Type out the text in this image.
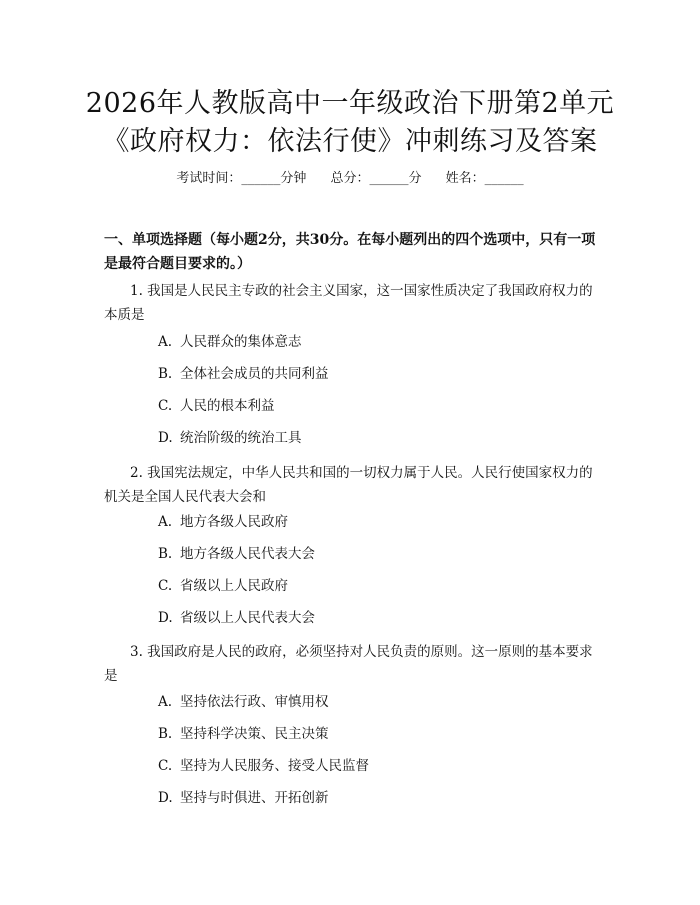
2026年人教版高中一年级政治下册第2单元
《政府权力：依法行使》冲刺练习及答案
考试时间：______分钟 总分：______分 姓名：______
一、单项选择题（每小题2分，共30分。在每小题列出的四个选项中，只有一项是最符合题目要求的。）
1. 我国是人民民主专政的社会主义国家，这一国家性质决定了我国政府权力的本质是
A. 人民群众的集体意志
B. 全体社会成员的共同利益
C. 人民的根本利益
D. 统治阶级的统治工具
2. 我国宪法规定，中华人民共和国的一切权力属于人民。人民行使国家权力的机关是全国人民代表大会和
A. 地方各级人民政府
B. 地方各级人民代表大会
C. 省级以上人民政府
D. 省级以上人民代表大会
3. 我国政府是人民的政府，必须坚持对人民负责的原则。这一原则的基本要求是
A. 坚持依法行政、审慎用权
B. 坚持科学决策、民主决策
C. 坚持为人民服务、接受人民监督
D. 坚持与时俱进、开拓创新
